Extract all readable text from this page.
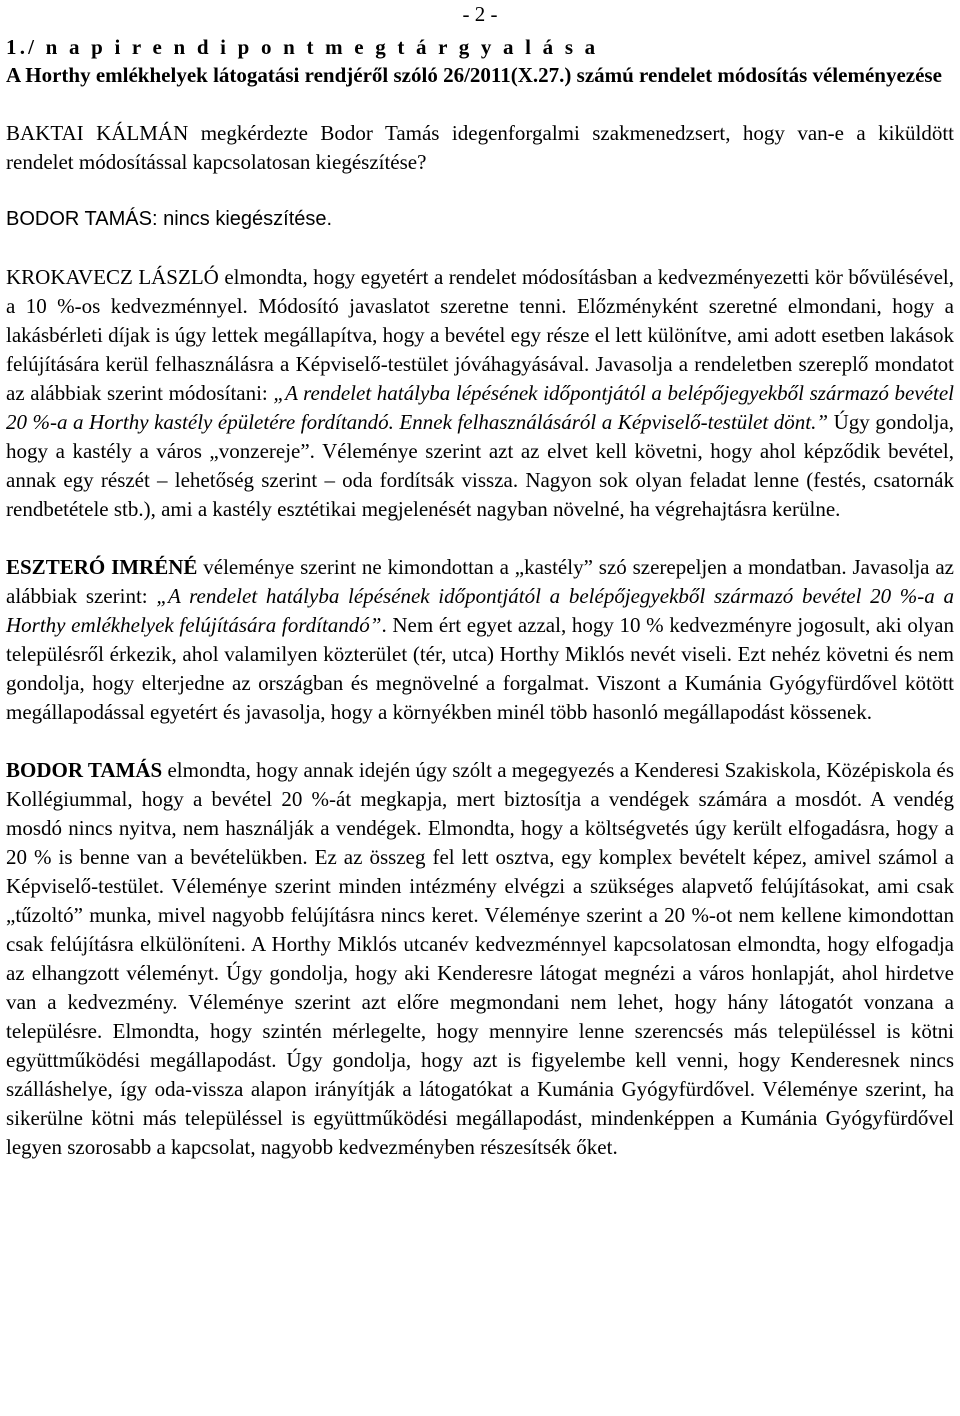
- 2 -
1./ n a p i r e n d i p o n t m e g t á r g y a l á s a
A Horthy emlékhelyek látogatási rendjéről szóló 26/2011(X.27.) számú rendelet módosítás véleményezése

BAKTAI KÁLMÁN megkérdezte Bodor Tamás idegenforgalmi szakmenedzsert, hogy van-e a kiküldött rendelet módosítással kapcsolatosan kiegészítése?

BODOR TAMÁS: nincs kiegészítése.

KROKAVECZ LÁSZLÓ elmondta, hogy egyetért a rendelet módosításban a kedvezményezetti kör bővülésével, a 10 %-os kedvezménnyel. Módosító javaslatot szeretne tenni. Előzményként szeretné elmondani, hogy a lakásbérleti díjak is úgy lettek megállapítva, hogy a bevétel egy része el lett különítve, ami adott esetben lakások felújítására kerül felhasználásra a Képviselő-testület jóváhagyásával. Javasolja a rendeletben szereplő mondatot az alábbiak szerint módosítani: „A rendelet hatályba lépésének időpontjától a belépőjegyekből származó bevétel 20 %-a a Horthy kastély épületére fordítandó. Ennek felhasználásáról a Képviselő-testület dönt.” Úgy gondolja, hogy a kastély a város „vonzereje”. Véleménye szerint azt az elvet kell követni, hogy ahol képződik bevétel, annak egy részét – lehetőség szerint – oda fordítsák vissza. Nagyon sok olyan feladat lenne (festés, csatornák rendbetétele stb.), ami a kastély esztétikai megjelenését nagyban növelné, ha végrehajtásra kerülne.

ESZTERÓ IMRÉNÉ véleménye szerint ne kimondottan a „kastély” szó szerepeljen a mondatban. Javasolja az alábbiak szerint: „A rendelet hatályba lépésének időpontjától a belépőjegyekből származó bevétel 20 %-a a Horthy emlékhelyek felújítására fordítandó”. Nem ért egyet azzal, hogy 10 % kedvezményre jogosult, aki olyan településről érkezik, ahol valamilyen közterület (tér, utca) Horthy Miklós nevét viseli. Ezt nehéz követni és nem gondolja, hogy elterjedne az országban és megnövelné a forgalmat. Viszont a Kumánia Gyógyfürdővel kötött megállapodással egyetért és javasolja, hogy a környékben minél több hasonló megállapodást kössenek.

BODOR TAMÁS elmondta, hogy annak idején úgy szólt a megegyezés a Kenderesi Szakiskola, Középiskola és Kollégiummal, hogy a bevétel 20 %-át megkapja, mert biztosítja a vendégek számára a mosdót. A vendég mosdó nincs nyitva, nem használják a vendégek. Elmondta, hogy a költségvetés úgy került elfogadásra, hogy a 20 % is benne van a bevételükben. Ez az összeg fel lett osztva, egy komplex bevételt képez, amivel számol a Képviselő-testület. Véleménye szerint minden intézmény elvégzi a szükséges alapvető felújításokat, ami csak „tűzoltó” munka, mivel nagyobb felújításra nincs keret. Véleménye szerint a 20 %-ot nem kellene kimondottan csak felújításra elkülöníteni. A Horthy Miklós utcanév kedvezménnyel kapcsolatosan elmondta, hogy elfogadja az elhangzott véleményt. Úgy gondolja, hogy aki Kenderesre látogat megnézi a város honlapját, ahol hirdetve van a kedvezmény. Véleménye szerint azt előre megmondani nem lehet, hogy hány látogatót vonzana a településre. Elmondta, hogy szintén mérlegelte, hogy mennyire lenne szerencsés más településsel is kötni együttműködési megállapodást. Úgy gondolja, hogy azt is figyelembe kell venni, hogy Kenderesnek nincs szálláshelye, így oda-vissza alapon irányítják a látogatókat a Kumánia Gyógyfürdővel. Véleménye szerint, ha sikerülne kötni más településsel is együttműködési megállapodást, mindenképpen a Kumánia Gyógyfürdővel legyen szorosabb a kapcsolat, nagyobb kedvezményben részesítsék őket.
